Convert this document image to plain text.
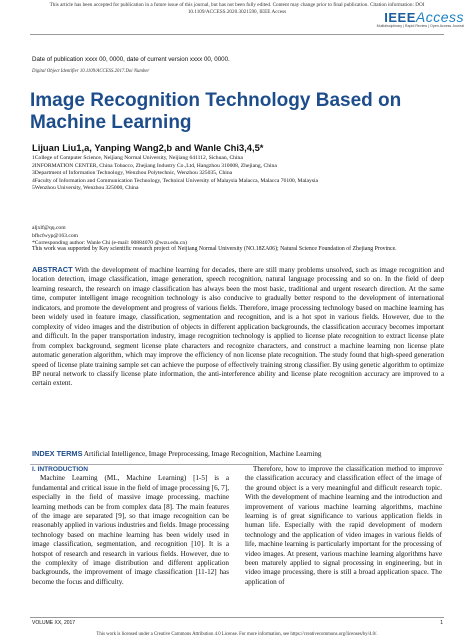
This article has been accepted for publication in a future issue of this journal, but has not been fully edited. Content may change prior to final publication. Citation information: DOI
10.1109/ACCESS.2020.3021590, IEEE Access	IEEEAccess
Multidisciplinary | Rapid Review | Open Access Journal
Date of publication xxxx 00, 0000, date of current version xxxx 00, 0000.
Digital Object Identifier 10.1109/ACCESS.2017.Doi Number
Image Recognition Technology Based on Machine Learning
Lijuan Liu1,a, Yanping Wang2,b and Wanle Chi3,4,5*
1College of Computer Science, Neijiang Normal University, Neijiang 641112, Sichuan, China
2INFORMATION CENTER, China Tobacco, Zhejiang Industry Co.,Ltd, Hangzhou 310008, Zhejiang, China
3Department of Information Technology, Wenzhou Polytechnic, Wenzhou 325035, China
4Faculty of Information and Communication Technology, Technical University of Malaysia Malacca, Malacca 76100, Malaysia
5Wenzhou University, Wenzhou 325000, China
aljxlf@qq.com
bfhcfwyp@163.com
*Corresponding author: Wanle Chi (e-mail: 00884070 @wzu.edu.cn)
This work was supported by Key scientific research project of Neijiang Normal University (NO.18ZA06); Natural Science Foundation of Zhejiang Province.

ABSTRACT With the development of machine learning for decades, there are still many problems unsolved, such as image recognition and location detection, image classification, image generation, speech recognition, natural language processing and so on. In the field of deep learning research, the research on image classification has always been the most basic, traditional and urgent research direction. At the same time, computer intelligent image recognition technology is also conducive to gradually better respond to the development of international indicators, and promote the development and progress of various fields. Therefore, image processing technology based on machine learning has been widely used in feature image, classification, segmentation and recognition, and is a hot spot in various fields. However, due to the complexity of video images and the distribution of objects in different application backgrounds, the classification accuracy becomes important and difficult. In the paper transportation industry, image recognition technology is applied to license plate recognition to extract license plate from complex background, segment license plate characters and recognize characters, and construct a machine learning non license plate automatic generation algorithm, which may improve the efficiency of non license plate recognition. The study found that high-speed generation speed of license plate training sample set can achieve the purpose of effectively training strong classifier. By using genetic algorithm to optimize BP neural network to classify license plate information, the anti-interference ability and license plate recognition accuracy are improved to a certain extent.

INDEX TERMS Artificial Intelligence, Image Preprocessing, Image Recognition, Machine Learning
I. INTRODUCTION

Machine Learning (ML, Machine Learning) [1-5] is a fundamental and critical issue in the field of image processing [6, 7], especially in the field of massive image processing, machine learning methods can be from complex data [8]. The main features of the image are separated [9], so that image recognition can be reasonably applied in various industries and fields. Image processing technology based on machine learning has been widely used in image classification, segmentation, and recognition [10]. It is a hotspot of research and research in various fields. However, due to the complexity of image distribution and different application backgrounds, the improvement of image classification [11-12] has become the focus and difficulty.

Therefore, how to improve the classification method to improve the classification accuracy and classification effect of the image of the ground object is a very meaningful and difficult research topic. With the development of machine learning and the introduction and improvement of various machine learning algorithms, machine learning is of great significance to various application fields in human life. Especially with the rapid development of modern technology and the application of video images in various fields of life, machine learning is particularly important for the processing of video images. At present, various machine learning algorithms have been maturely applied to signal processing in engineering, but in video image processing, there is still a broad application space. The application of

VOLUME XX, 2017	1
This work is licensed under a Creative Commons Attribution 4.0 License. For more information, see https://creativecommons.org/licenses/by/4.0/.
